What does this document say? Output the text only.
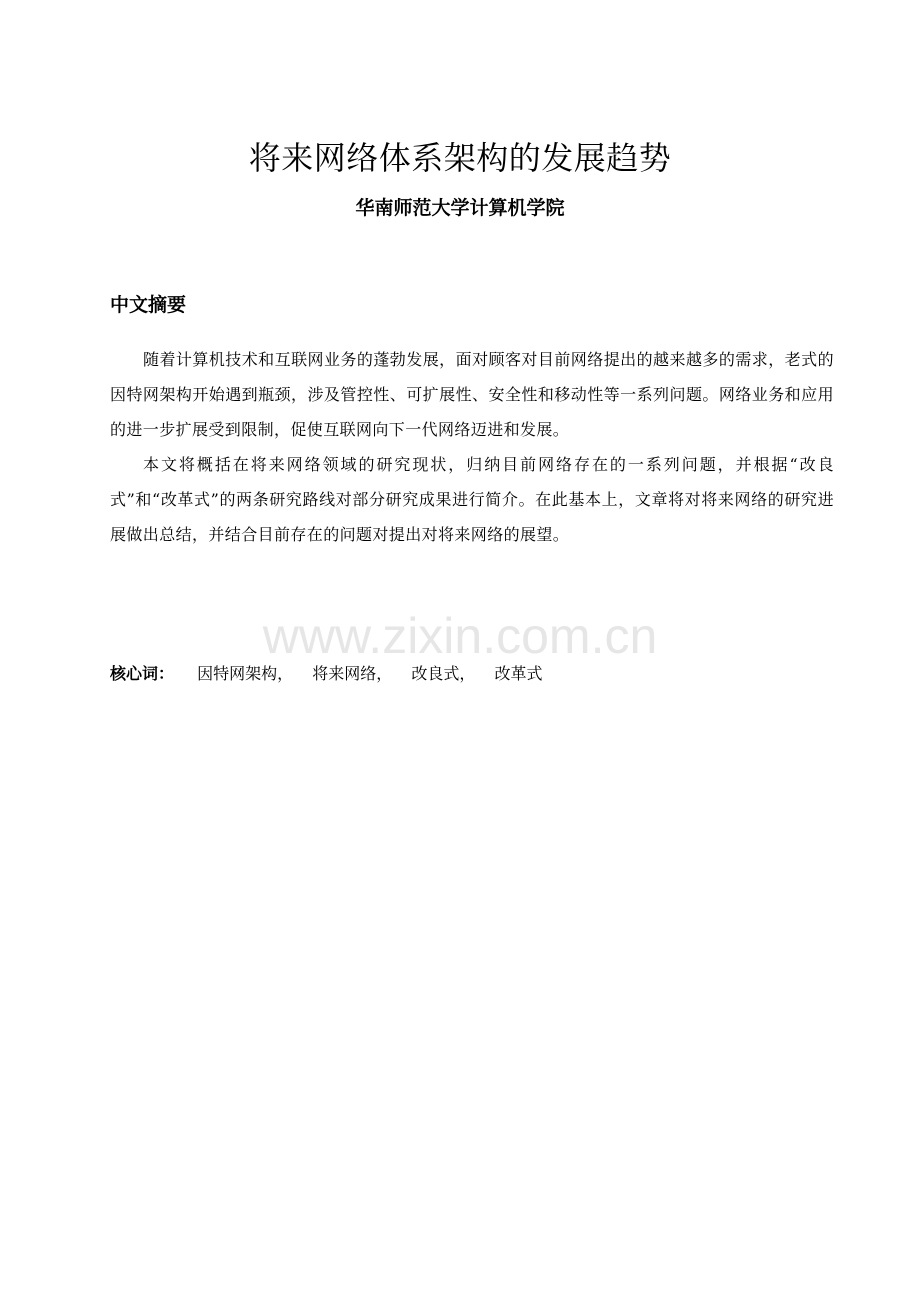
将来网络体系架构的发展趋势
华南师范大学计算机学院
中文摘要

随着计算机技术和互联网业务的蓬勃发展，面对顾客对目前网络提出的越来越多的需求，老式的因特网架构开始遇到瓶颈，涉及管控性、可扩展性、安全性和移动性等一系列问题。网络业务和应用的进一步扩展受到限制，促使互联网向下一代网络迈进和发展。

本文将概括在将来网络领域的研究现状，归纳目前网络存在的一系列问题，并根据“改良式”和“改革式”的两条研究路线对部分研究成果进行简介。在此基本上，文章将对将来网络的研究进展做出总结，并结合目前存在的问题对提出对将来网络的展望。

www.zixin.com.cn
核心词： 因特网架构， 将来网络， 改良式， 改革式
